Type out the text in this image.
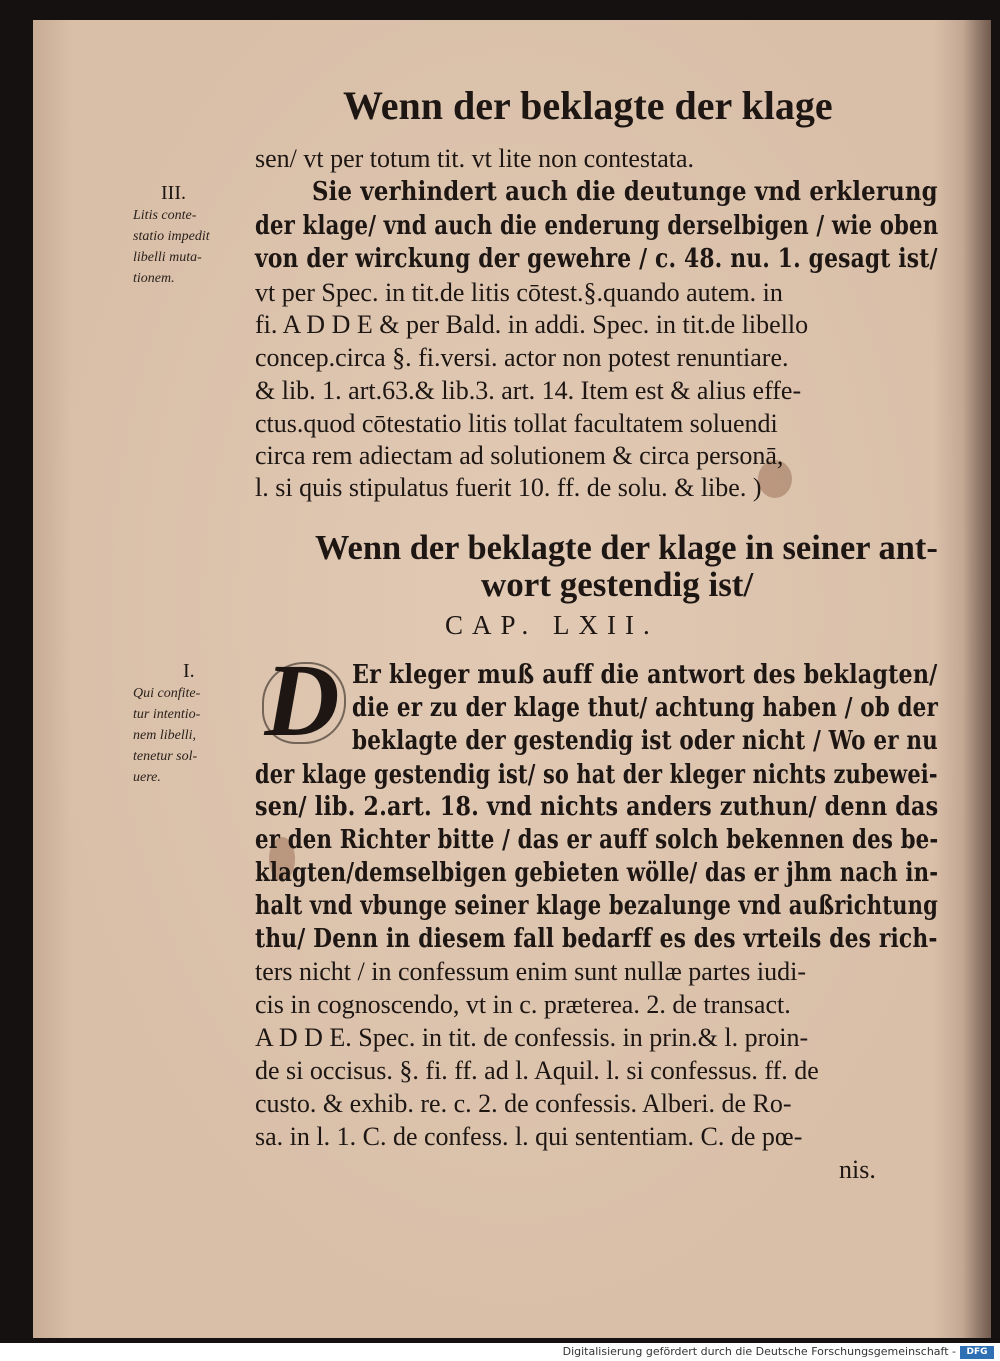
Wenn der beklagte der klage

sen/ vt per totum tit. vt lite non contestata.

Sie verhindert auch die deutunge vnd erklerung

der klage/ vnd auch die enderung derselbigen / wie oben

von der wirckung der gewehre / c. 48. nu. 1. gesagt ist/

vt per Spec. in tit.de litis cōtest.§.quando autem. in

fi. A D D E & per Bald. in addi. Spec. in tit.de libello

concep.circa §. fi.versi. actor non potest renuntiare.

& lib. 1. art.63.& lib.3. art. 14. Item est & alius effe-

ctus.quod cōtestatio litis tollat facultatem soluendi

circa rem adiectam ad solutionem & circa personā,

l. si quis stipulatus fuerit 10. ff. de solu. & libe. )

III.
Litis conte-
statio impedit
libelli muta-
tionem.
Wenn der beklagte der klage in seiner ant-
wort gestendig ist/
CAP. LXII.
I.
Qui confite-
tur intentio-
nem libelli,
tenetur sol-
uere.
D Er kleger muß auff die antwort des beklagten/

die er zu der klage thut/ achtung haben / ob der

beklagte der gestendig ist oder nicht / Wo er nu

der klage gestendig ist/ so hat der kleger nichts zubewei-

sen/ lib. 2.art. 18. vnd nichts anders zuthun/ denn das

er den Richter bitte / das er auff solch bekennen des be-

klagten/demselbigen gebieten wölle/ das er jhm nach in-

halt vnd vbunge seiner klage bezalunge vnd außrichtung

thu/ Denn in diesem fall bedarff es des vrteils des rich-

ters nicht / in confessum enim sunt nullæ partes iudi-

cis in cognoscendo, vt in c. præterea. 2. de transact.

A D D E. Spec. in tit. de confessis. in prin.& l. proin-

de si occisus. §. fi. ff. ad l. Aquil. l. si confessus. ff. de

custo. & exhib. re. c. 2. de confessis. Alberi. de Ro-

sa. in l. 1. C. de confess. l. qui sententiam. C. de pœ-

nis.

Digitalisierung gefördert durch die Deutsche Forschungsgemeinschaft -	DFG
